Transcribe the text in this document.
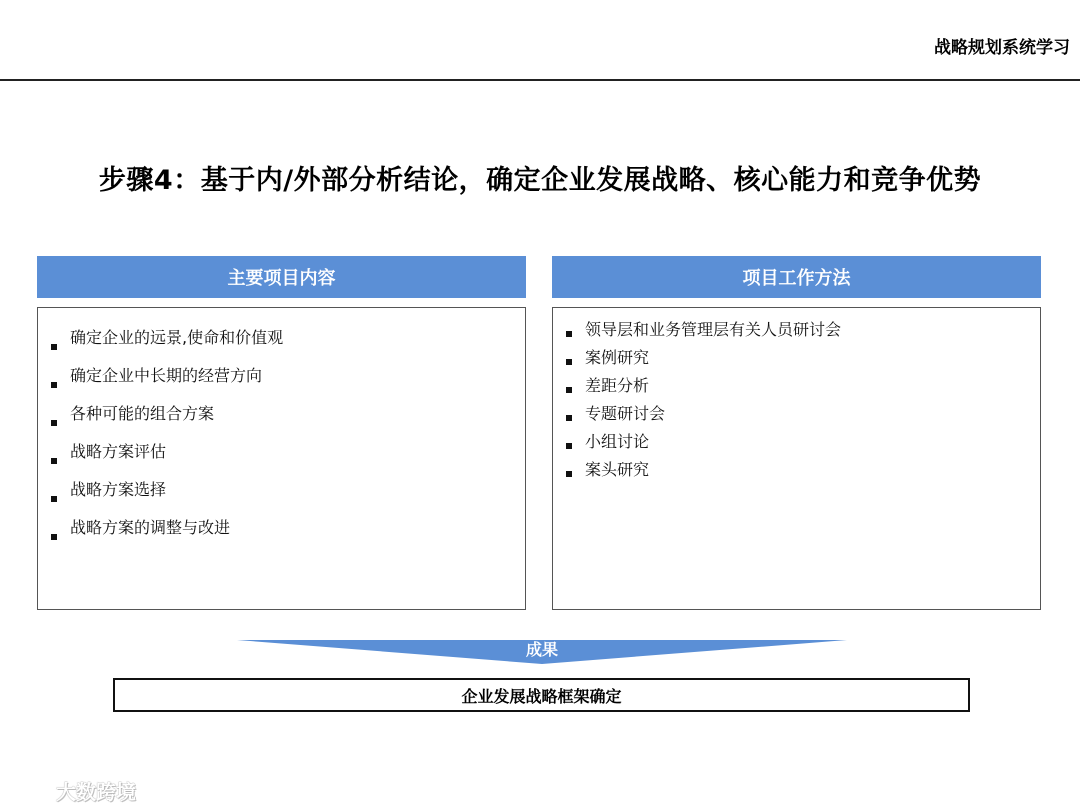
战略规划系统学习
步骤4：基于内/外部分析结论，确定企业发展战略、核心能力和竞争优势
主要项目内容
确定企业的远景,使命和价值观
确定企业中长期的经营方向
各种可能的组合方案
战略方案评估
战略方案选择
战略方案的调整与改进
项目工作方法
领导层和业务管理层有关人员研讨会
案例研究
差距分析
专题研讨会
小组讨论
案头研究
成果
企业发展战略框架确定
大数跨境
